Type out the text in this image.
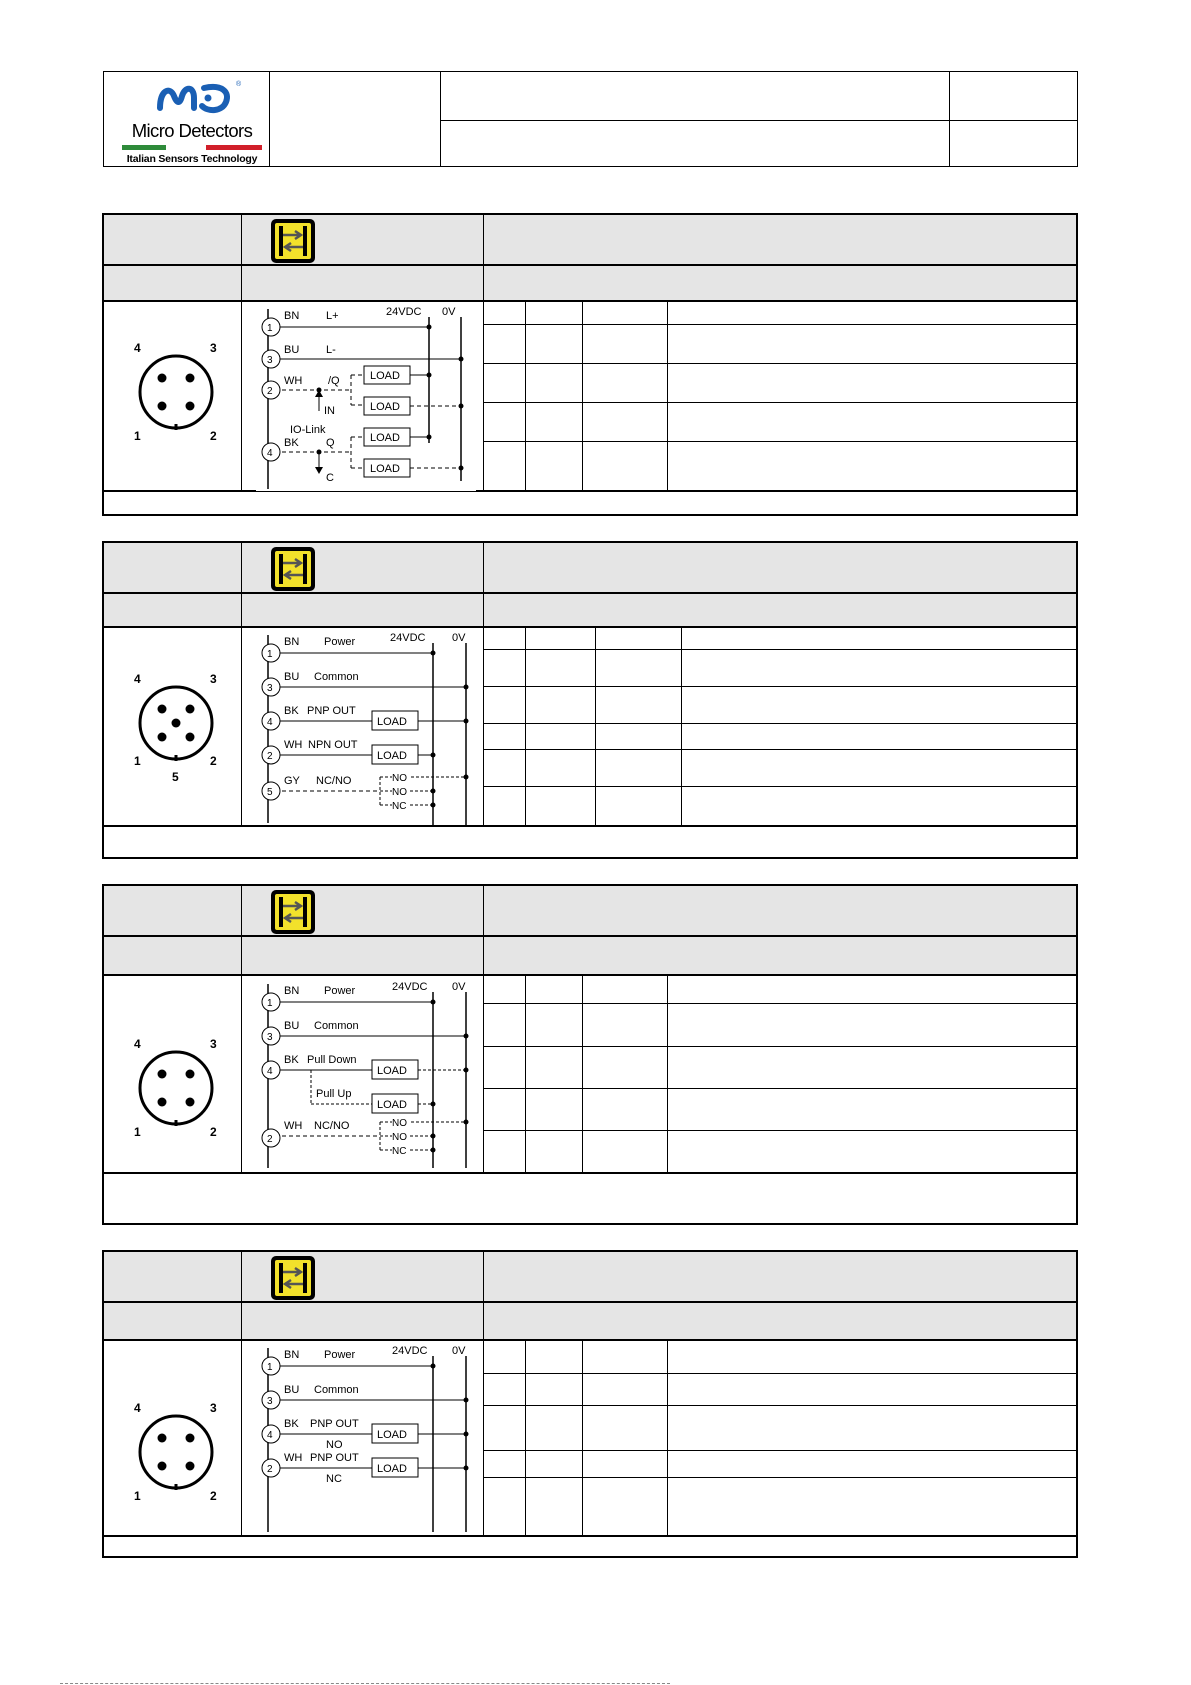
®
Micro Detectors
Italian Sensors Technology
4	3
1	2
24VDC 0V
1
BN L+
3
BU L-
LOAD
LOAD
2
WH /Q
IN
IO-Link
LOAD
LOAD
4
BK Q
C
4	3
1	2
5
24VDC 0V
1
BN Power
3
BU Common
LOAD
4
BK PNP OUT
LOAD
2
WH NPN OUT
NO
NO
NC
5
GY NC/NO
4	3
1	2
24VDC 0V
1
BN Power
3
BU Common
LOAD
LOAD
4
BK Pull Down
Pull Up
NO
NO
NC
2
WH NC/NO
4	3
1	2
24VDC 0V
1
BN Power
3
BU Common
LOAD
4
BK PNP OUT
NO
LOAD
2
WH PNP OUT
NC
